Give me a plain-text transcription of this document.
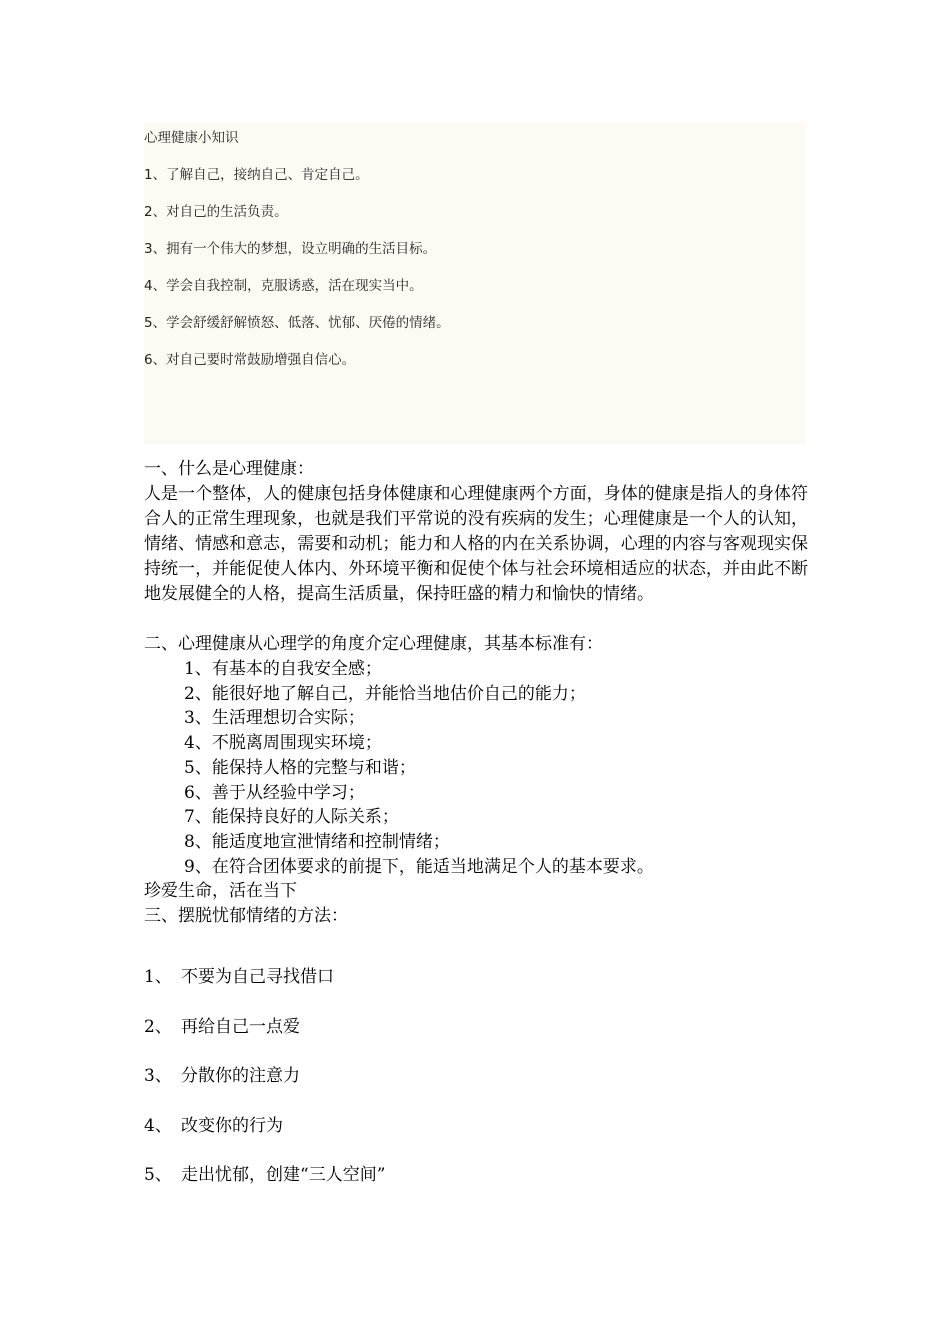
心理健康小知识
1、了解自己，接纳自己、肯定自己。
2、对自己的生活负责。
3、拥有一个伟大的梦想，设立明确的生活目标。
4、学会自我控制，克服诱惑，活在现实当中。
5、学会舒缓舒解愤怒、低落、忧郁、厌倦的情绪。
6、对自己要时常鼓励增强自信心。

一、什么是心理健康：

人是一个整体，人的健康包括身体健康和心理健康两个方面，身体的健康是指人的身体符合人的正常生理现象，也就是我们平常说的没有疾病的发生；心理健康是一个人的认知，情绪、情感和意志，需要和动机；能力和人格的内在关系协调，心理的内容与客观现实保持统一，并能促使人体内、外环境平衡和促使个体与社会环境相适应的状态，并由此不断地发展健全的人格，提高生活质量，保持旺盛的精力和愉快的情绪。

二、心理健康从心理学的角度介定心理健康，其基本标准有：

1、有基本的自我安全感；
2、能很好地了解自己，并能恰当地估价自己的能力；
3、生活理想切合实际；
4、不脱离周围现实环境；
5、能保持人格的完整与和谐；
6、善于从经验中学习；
7、能保持良好的人际关系；
8、能适度地宣泄情绪和控制情绪；
9、在符合团体要求的前提下，能适当地满足个人的基本要求。

珍爱生命，活在当下

三、摆脱忧郁情绪的方法：

1、 不要为自己寻找借口
2、 再给自己一点爱
3、 分散你的注意力
4、 改变你的行为
5、 走出忧郁，创建“三人空间”
